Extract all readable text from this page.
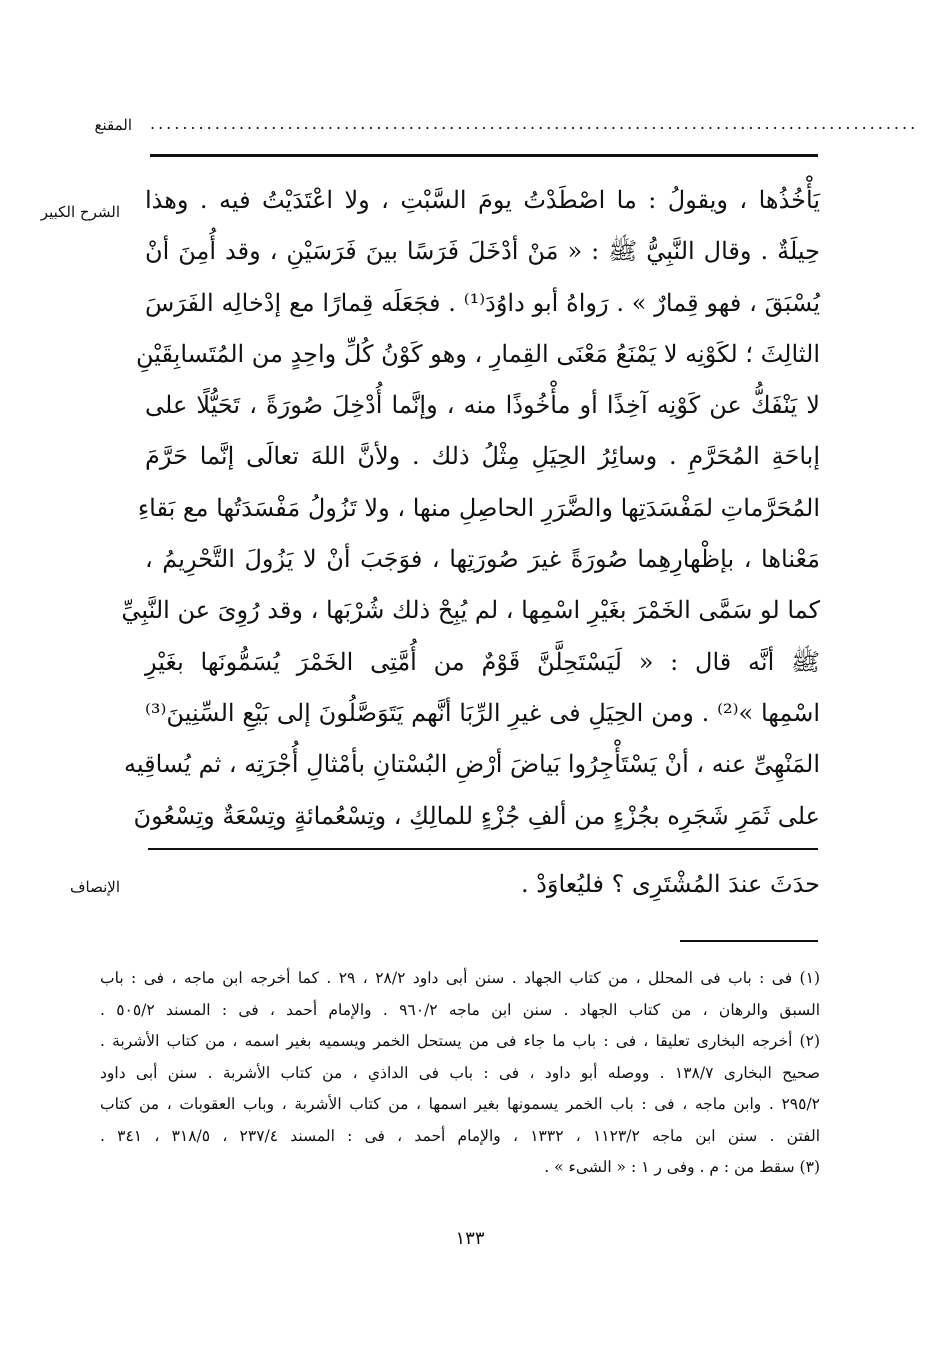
المقنع ...............................................................................................
الشرح الكبير يَأْخُذُها ، ويقولُ : ما اصْطَدْتُ يومَ السَّبْتِ ، ولا اعْتَدَيْتُ فيه . وهذا
حِيلَةٌ . وقال النَّبِيُّ ﷺ : « مَنْ أدْخَلَ فَرَسًا بينَ فَرَسَيْنِ ، وقد أُمِنَ أنْ
يُسْبَقَ ، فهو قِمارٌ » . رَواهُ أبو داوُدَ⁽¹⁾ . فجَعَلَه قِمارًا مع إدْخالِه الفَرَسَ
الثالِثَ ؛ لكَوْنِه لا يَمْنَعُ مَعْنَى القِمارِ ، وهو كَوْنُ كُلِّ واحِدٍ من المُتَسابِقَيْنِ
لا يَنْفَكُّ عن كَوْنِه آخِذًا أو مأْخُوذًا منه ، وإنَّما أُدْخِلَ صُورَةً ، تَحَيُّلًا على
إباحَةِ المُحَرَّمِ . وسائِرُ الحِيَلِ مِثْلُ ذلك . ولأنَّ اللهَ تعالَى إنَّما حَرَّمَ
المُحَرَّماتِ لمَفْسَدَتِها والضَّرَرِ الحاصِلِ منها ، ولا تَزُولُ مَفْسَدَتُها مع بَقاءِ
مَعْناها ، بإظْهارِهِما صُورَةً غيرَ صُورَتِها ، فوَجَبَ أنْ لا يَزُولَ التَّحْرِيمُ ،
كما لو سَمَّى الخَمْرَ بغَيْرِ اسْمِها ، لم يُبِحْ ذلك شُرْبَها ، وقد رُوِىَ عن النَّبِيِّ
ﷺ أنَّه قال : « لَيَسْتَحِلَّنَّ قَوْمٌ من أُمَّتِى الخَمْرَ يُسَمُّونَها بغَيْرِ
اسْمِها »⁽²⁾ . ومن الحِيَلِ فى غيرِ الرِّبَا أنَّهم يَتَوَصَّلُونَ إلى بَيْعِ السِّنِينَ⁽³⁾
المَنْهِىِّ عنه ، أنْ يَسْتَأْجِرُوا بَياضَ أرْضِ البُسْتانِ بأمْثالِ أُجْرَتِه ، ثم يُساقِيه
على ثَمَرِ شَجَرِه بجُزْءٍ من ألفِ جُزْءٍ للمالِكِ ، وتِسْعُمائةٍ وتِسْعَةٌ وتِسْعُونَ
الإنصاف	حدَثَ عندَ المُشْتَرِى ؟ فليُعاوَدْ .
(١) فى : باب فى المحلل ، من كتاب الجهاد . سنن أبى داود ٢٨/٢ ، ٢٩ . كما أخرجه ابن ماجه ، فى : باب
السبق والرهان ، من كتاب الجهاد . سنن ابن ماجه ٩٦٠/٢ . والإمام أحمد ، فى : المسند ٥٠٥/٢ .
(٢) أخرجه البخارى تعليقا ، فى : باب ما جاء فى من يستحل الخمر ويسميه بغير اسمه ، من كتاب الأشربة .
صحيح البخارى ١٣٨/٧ . ووصله أبو داود ، فى : باب فى الداذي ، من كتاب الأشربة . سنن أبى داود
٢٩٥/٢ . وابن ماجه ، فى : باب الخمر يسمونها بغير اسمها ، من كتاب الأشربة ، وباب العقوبات ، من كتاب
الفتن . سنن ابن ماجه ١١٢٣/٢ ، ١٣٣٢ ، والإمام أحمد ، فى : المسند ٢٣٧/٤ ، ٣١٨/٥ ، ٣٤١ .
(٣) سقط من : م . وفى ر ١ : « الشىء » .
١٣٣
